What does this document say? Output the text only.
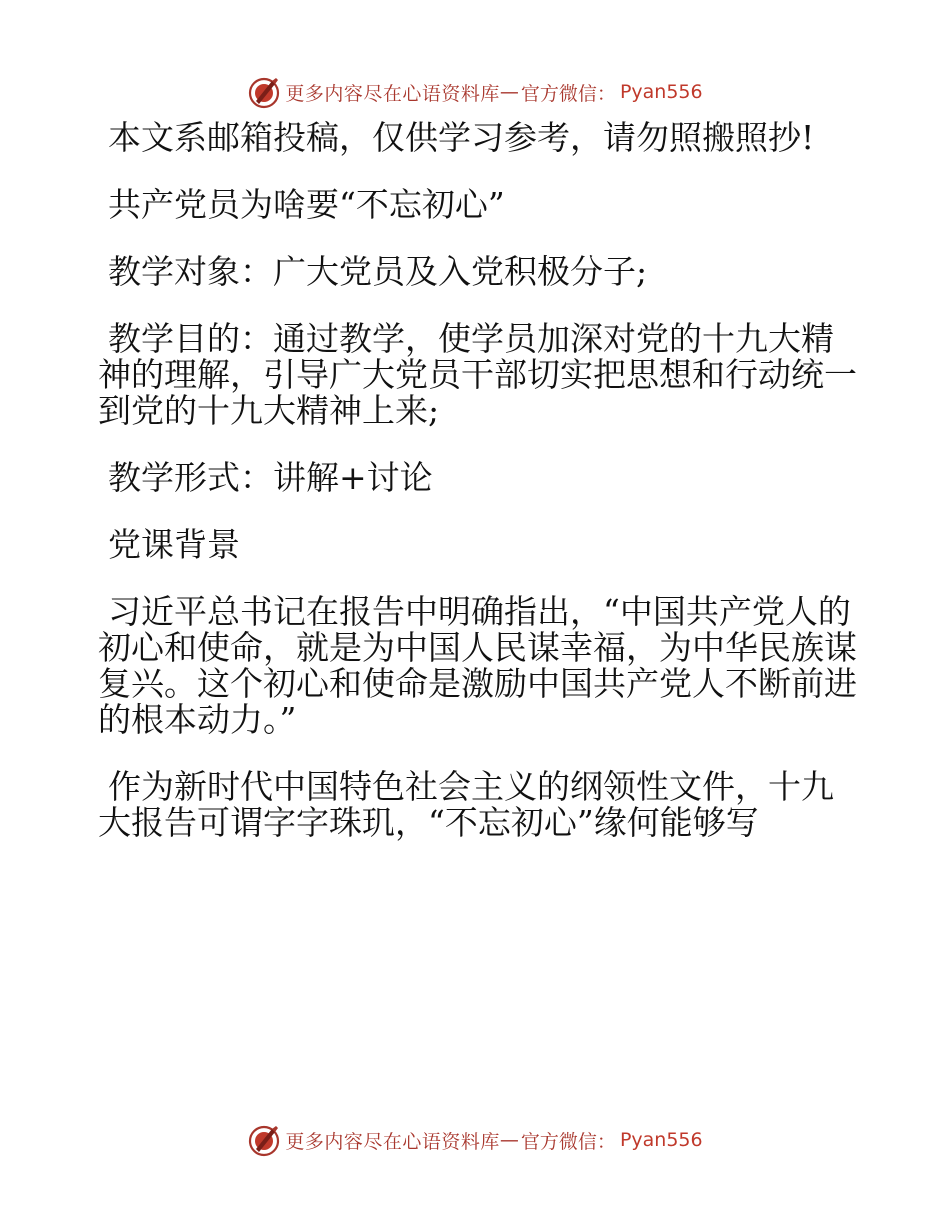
更多内容尽在心语资料库 — 官方微信： Pyan556

本文系邮箱投稿，仅供学习参考，请勿照搬照抄!

共产党员为啥要“不忘初心”

教学对象：广大党员及入党积极分子;

教学目的：通过教学，使学员加深对党的十九大精神的理解，引导广大党员干部切实把思想和行动统一到党的十九大精神上来;

教学形式：讲解+讨论

党课背景

习近平总书记在报告中明确指出，“中国共产党人的初心和使命，就是为中国人民谋幸福，为中华民族谋复兴。这个初心和使命是激励中国共产党人不断前进的根本动力。”

作为新时代中国特色社会主义的纲领性文件，十九大报告可谓字字珠玑，“不忘初心”缘何能够写

更多内容尽在心语资料库 — 官方微信： Pyan556
